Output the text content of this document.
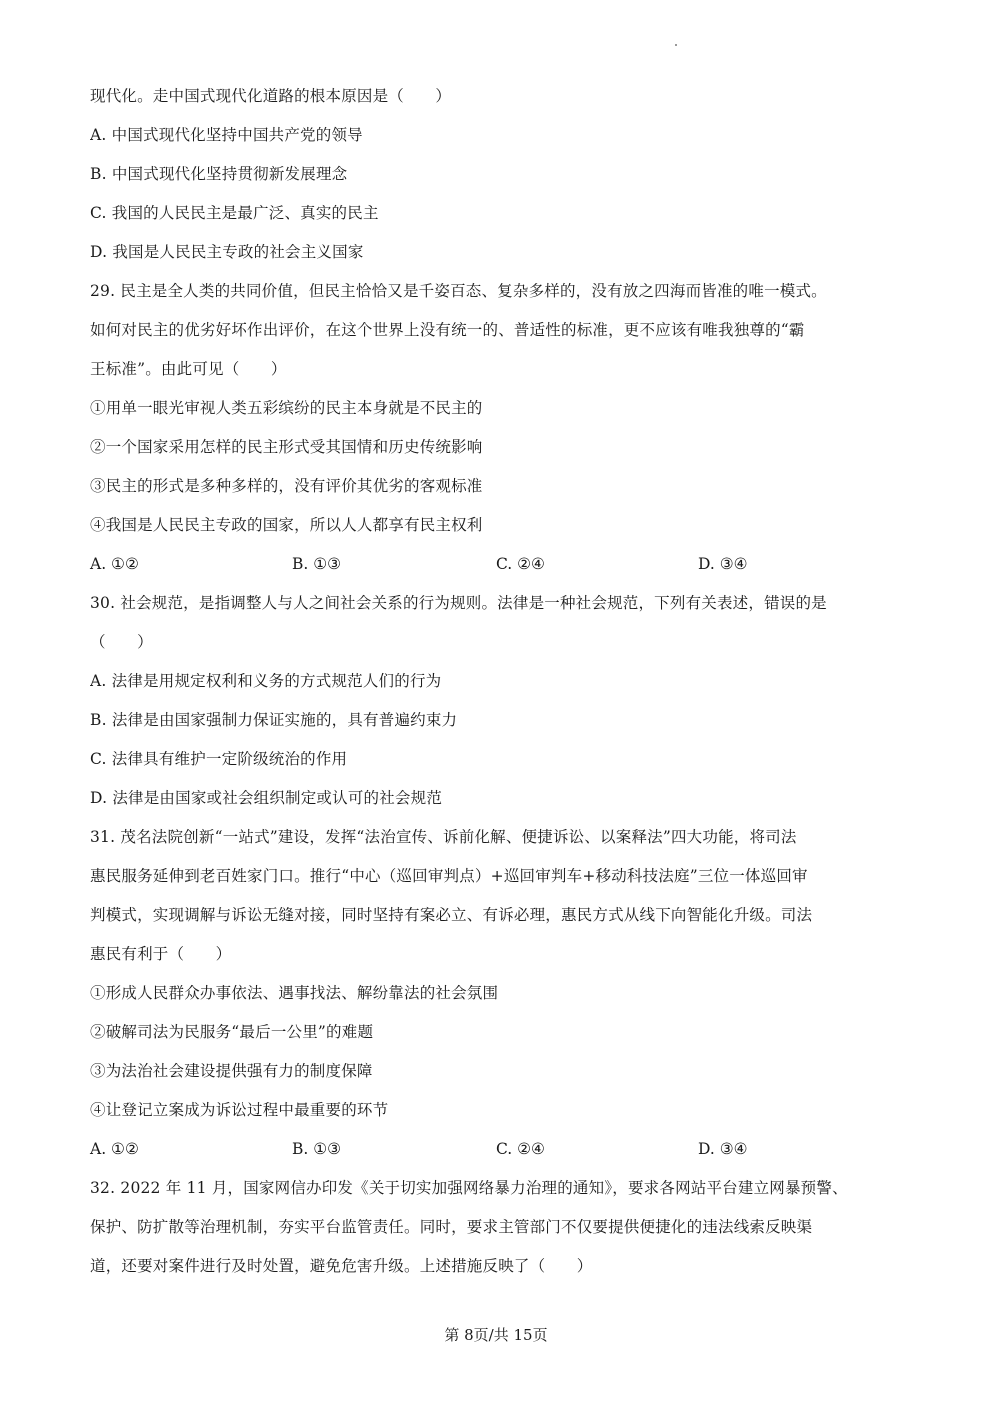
现代化。走中国式现代化道路的根本原因是（　　）
A. 中国式现代化坚持中国共产党的领导
B. 中国式现代化坚持贯彻新发展理念
C. 我国的人民民主是最广泛、真实的民主
D. 我国是人民民主专政的社会主义国家
29. 民主是全人类的共同价值，但民主恰恰又是千姿百态、复杂多样的，没有放之四海而皆准的唯一模式。
如何对民主的优劣好坏作出评价，在这个世界上没有统一的、普适性的标准，更不应该有唯我独尊的“霸
王标准”。由此可见（　　）
①用单一眼光审视人类五彩缤纷的民主本身就是不民主的
②一个国家采用怎样的民主形式受其国情和历史传统影响
③民主的形式是多种多样的，没有评价其优劣的客观标准
④我国是人民民主专政的国家，所以人人都享有民主权利
A. ①②	B. ①③	C. ②④	D. ③④
30. 社会规范，是指调整人与人之间社会关系的行为规则。法律是一种社会规范，下列有关表述，错误的是
（　　）
A. 法律是用规定权利和义务的方式规范人们的行为
B. 法律是由国家强制力保证实施的，具有普遍约束力
C. 法律具有维护一定阶级统治的作用
D. 法律是由国家或社会组织制定或认可的社会规范
31. 茂名法院创新“一站式”建设，发挥“法治宣传、诉前化解、便捷诉讼、以案释法”四大功能，将司法
惠民服务延伸到老百姓家门口。推行“中心（巡回审判点）+巡回审判车+移动科技法庭”三位一体巡回审
判模式，实现调解与诉讼无缝对接，同时坚持有案必立、有诉必理，惠民方式从线下向智能化升级。司法
惠民有利于（　　）
①形成人民群众办事依法、遇事找法、解纷靠法的社会氛围
②破解司法为民服务“最后一公里”的难题
③为法治社会建设提供强有力的制度保障
④让登记立案成为诉讼过程中最重要的环节
A. ①②	B. ①③	C. ②④	D. ③④
32. 2022 年 11 月，国家网信办印发《关于切实加强网络暴力治理的通知》，要求各网站平台建立网暴预警、
保护、防扩散等治理机制，夯实平台监管责任。同时，要求主管部门不仅要提供便捷化的违法线索反映渠
道，还要对案件进行及时处置，避免危害升级。上述措施反映了（　　）
第 8页/共 15页
